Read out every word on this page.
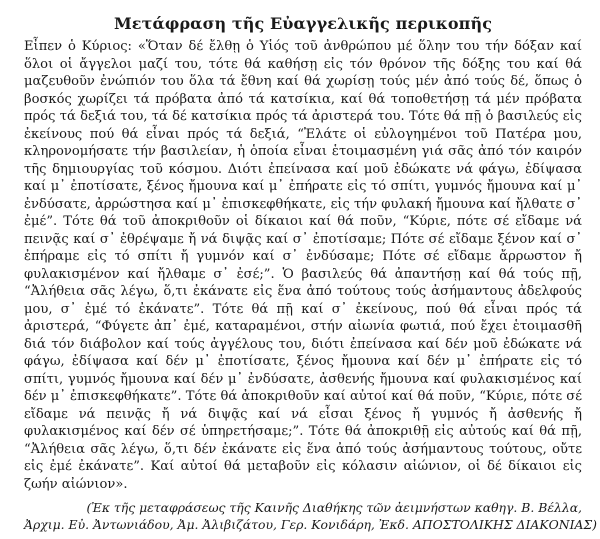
Μετάφραση τῆς Εὐαγγελικῆς περικοπῆς

Εἶπεν ὁ Κύριος: «Ὅταν δέ ἔλθῃ ὁ Υἱός τοῦ ἀνθρώπου μέ ὅλην του τήν δόξαν καί ὅλοι οἱ ἄγγελοι μαζί του, τότε θά καθήσῃ εἰς τόν θρόνον τῆς δόξης του καί θά μαζευθοῦν ἐνώπιόν του ὅλα τά ἔθνη καί θά χωρίσῃ τούς μέν ἀπό τούς δέ, ὅπως ὁ βοσκός χωρίζει τά πρόβατα ἀπό τά κατσίκια, καί θά τοποθετήσῃ τά μέν πρόβατα πρός τά δεξιά του, τά δέ κατσίκια πρός τά ἀριστερά του. Τότε θά πῇ ὁ βασιλεύς εἰς ἐκείνους πού θά εἶναι πρός τά δεξιά, “Ἐλάτε οἱ εὐλογημένοι τοῦ Πατέρα μου, κληρονομήσατε τήν βασιλείαν, ἡ ὁποία εἶναι ἑτοιμασμένη γιά σᾶς ἀπό τόν καιρόν τῆς δημιουργίας τοῦ κόσμου. Διότι ἐπείνασα καί μοῦ ἐδώκατε νά φάγω, ἐδίψασα καί μ᾽ ἐποτίσατε, ξένος ἤμουνα καί μ᾽ ἐπήρατε εἰς τό σπίτι, γυμνός ἤμουνα καί μ᾽ ἐνδύσατε, ἀρρώστησα καί μ᾽ ἐπισκεφθήκατε, εἰς τήν φυλακή ἤμουνα καί ἤλθατε σ᾽ ἐμέ”. Τότε θά τοῦ ἀποκριθοῦν οἱ δίκαιοι καί θά ποῦν, “Κύριε, πότε σέ εἴδαμε νά πεινᾷς καί σ᾽ ἐθρέψαμε ἤ νά διψᾷς καί σ᾽ ἐποτίσαμε; Πότε σέ εἴδαμε ξένον καί σ᾽ ἐπήραμε εἰς τό σπίτι ἤ γυμνόν καί σ᾽ ἐνδύσαμε; Πότε σέ εἴδαμε ἄρρωστον ἤ φυλακισμένον καί ἤλθαμε σ᾽ ἐσέ;”. Ὁ βασιλεύς θά ἀπαντήσῃ καί θά τούς πῇ, “Ἀλήθεια σᾶς λέγω, ὅ,τι ἐκάνατε εἰς ἕνα ἀπό τούτους τούς ἀσήμαντους ἀδελφούς μου, σ᾽ ἐμέ τό ἐκάνατε”. Τότε θά πῇ καί σ᾽ ἐκείνους, πού θά εἶναι πρός τά ἀριστερά, “Φύγετε ἀπ᾽ ἐμέ, καταραμένοι, στήν αἰωνία φωτιά, πού ἔχει ἑτοιμασθῆ διά τόν διάβολον καί τούς ἀγγέλους του, διότι ἐπείνασα καί δέν μοῦ ἐδώκατε νά φάγω, ἐδίψασα καί δέν μ᾽ ἐποτίσατε, ξένος ἤμουνα καί δέν μ᾽ ἐπήρατε εἰς τό σπίτι, γυμνός ἤμουνα καί δέν μ᾽ ἐνδύσατε, ἀσθενής ἤμουνα καί φυλακισμένος καί δέν μ᾽ ἐπισκεφθήκατε”. Τότε θά ἀποκριθοῦν καί αὐτοί καί θά ποῦν, “Κύριε, πότε σέ εἴδαμε νά πεινᾷς ἤ νά διψᾷς καί νά εἶσαι ξένος ἤ γυμνός ἤ ἀσθενής ἤ φυλακισμένος καί δέν σέ ὑπηρετήσαμε;”. Τότε θά ἀποκριθῇ εἰς αὐτούς καί θά πῇ, “Ἀλήθεια σᾶς λέγω, ὅ,τι δέν ἐκάνατε εἰς ἕνα ἀπό τούς ἀσήμαντους τούτους, οὔτε εἰς ἐμέ ἐκάνατε”. Καί αὐτοί θά μεταβοῦν εἰς κόλασιν αἰώνιον, οἱ δέ δίκαιοι εἰς ζωήν αἰώνιον».

(Ἐκ τῆς μεταφράσεως τῆς Καινῆς Διαθήκης τῶν ἀειμνήστων καθηγ. Β. Βέλλα,
Ἀρχιμ. Εὐ. Ἀντωνιάδου, Ἀμ. Ἀλιβιζάτου, Γερ. Κονιδάρη, Ἐκδ. ΑΠΟΣΤΟΛΙΚΗΣ ΔΙΑΚΟΝΙΑΣ)
